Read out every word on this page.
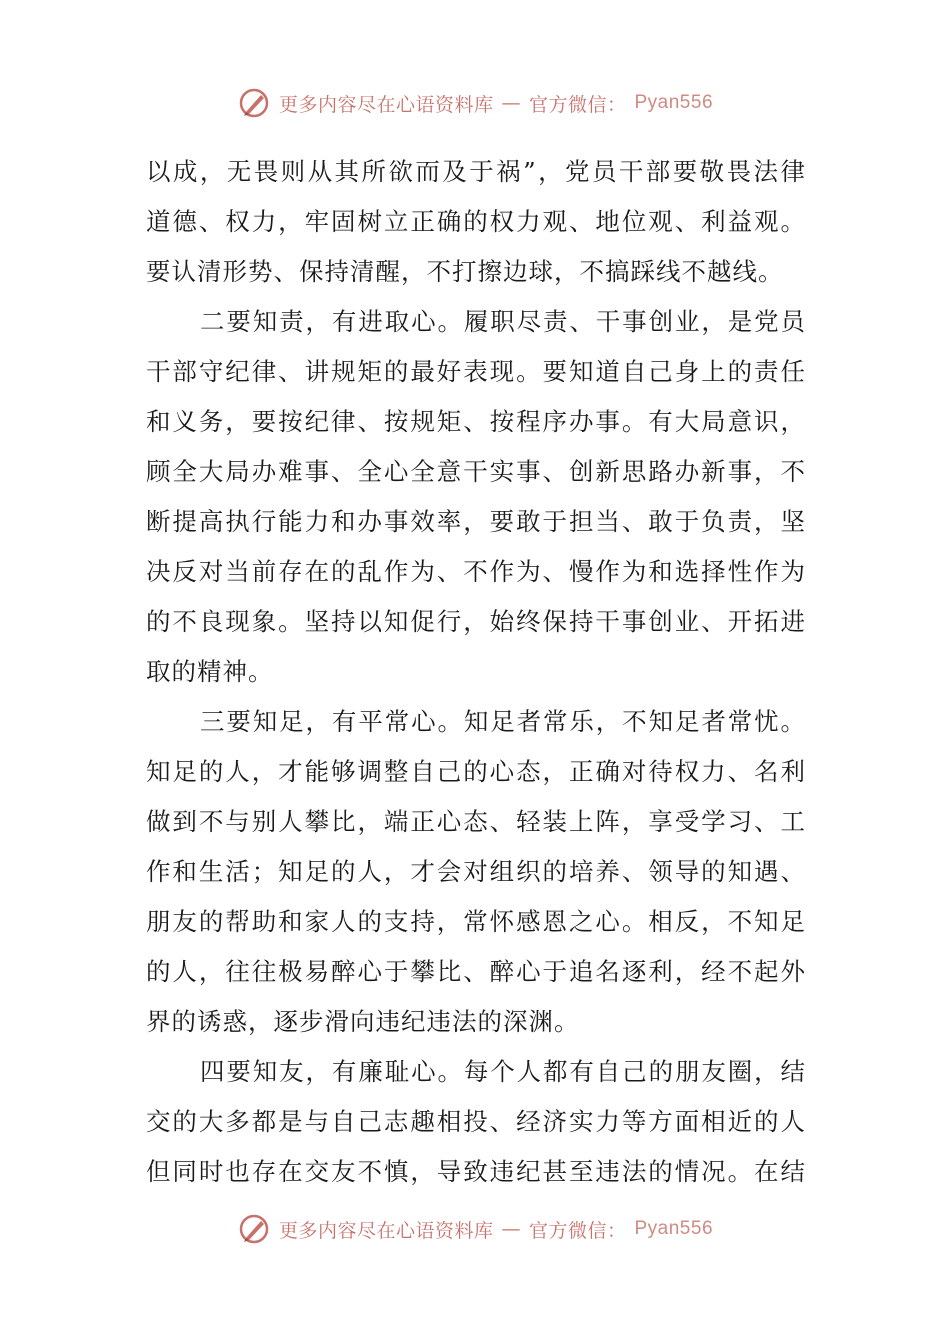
更多内容尽在心语资料库 — 官方微信： Pyan556
以成，无畏则从其所欲而及于祸”，党员干部要敬畏法律
道德、权力，牢固树立正确的权力观、地位观、利益观。
要认清形势、保持清醒，不打擦边球，不搞踩线不越线。
二要知责，有进取心。履职尽责、干事创业，是党员
干部守纪律、讲规矩的最好表现。要知道自己身上的责任
和义务，要按纪律、按规矩、按程序办事。有大局意识，
顾全大局办难事、全心全意干实事、创新思路办新事，不
断提高执行能力和办事效率，要敢于担当、敢于负责，坚
决反对当前存在的乱作为、不作为、慢作为和选择性作为
的不良现象。坚持以知促行，始终保持干事创业、开拓进
取的精神。
三要知足，有平常心。知足者常乐，不知足者常忧。
知足的人，才能够调整自己的心态，正确对待权力、名利
做到不与别人攀比，端正心态、轻装上阵，享受学习、工
作和生活；知足的人，才会对组织的培养、领导的知遇、
朋友的帮助和家人的支持，常怀感恩之心。相反，不知足
的人，往往极易醉心于攀比、醉心于追名逐利，经不起外
界的诱惑，逐步滑向违纪违法的深渊。
四要知友，有廉耻心。每个人都有自己的朋友圈，结
交的大多都是与自己志趣相投、经济实力等方面相近的人
但同时也存在交友不慎，导致违纪甚至违法的情况。在结
更多内容尽在心语资料库 — 官方微信： Pyan556
